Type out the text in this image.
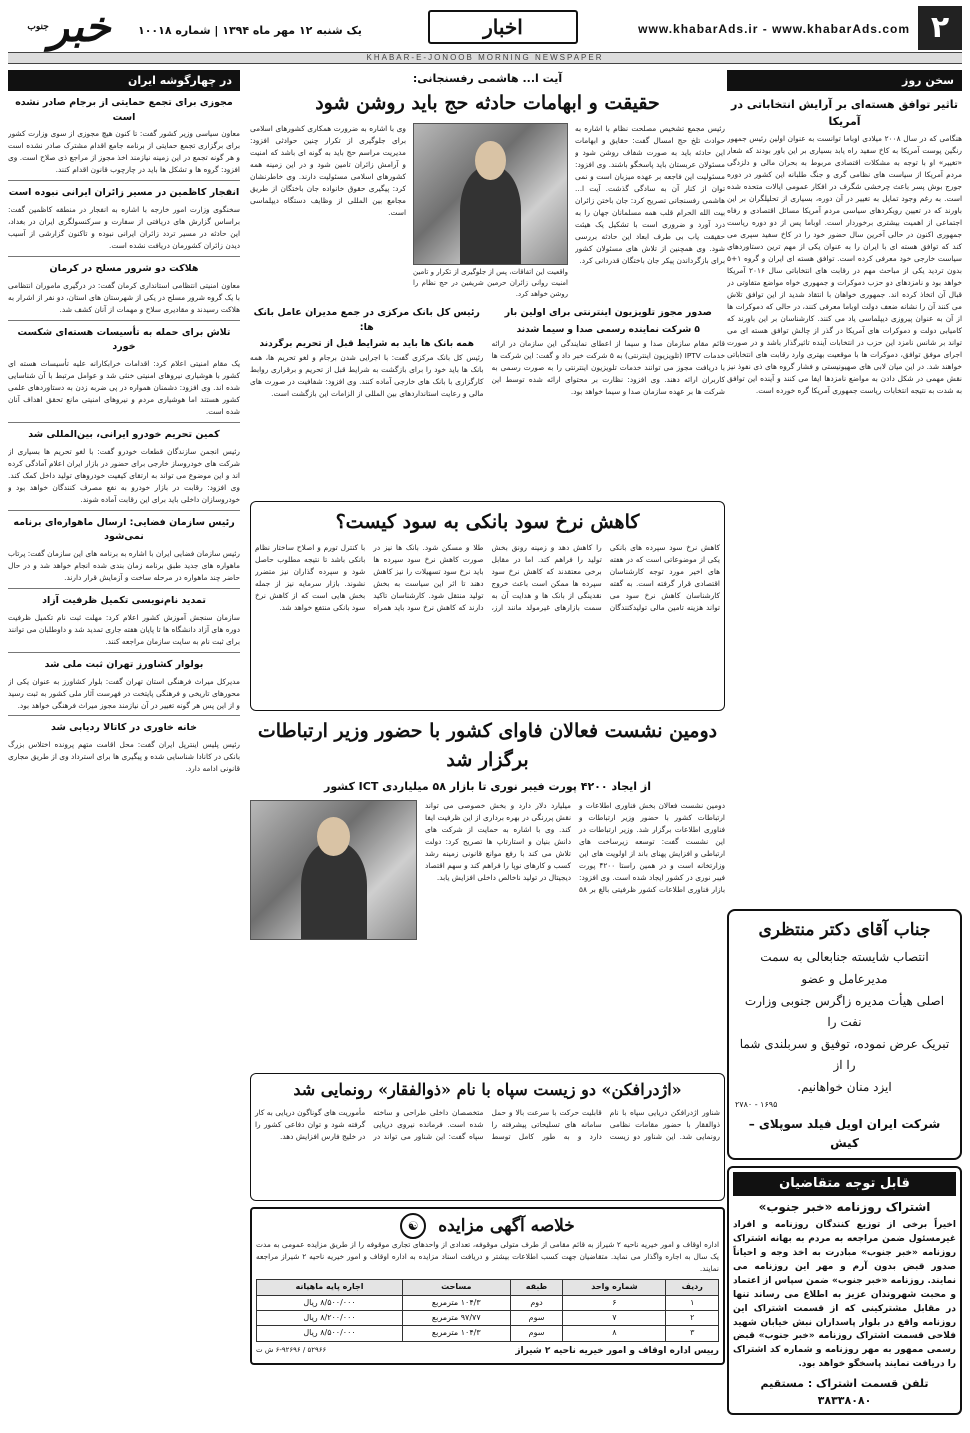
۲
www.khabarAds.ir - www.khabarAds.com
اخبار
یک شنبه ۱۲ مهر ماه ۱۳۹۴ | شماره ۱۰۰۱۸
خبر$^{جنوب}$
KHABAR-E-JONOOB MORNING NEWSPAPER
سخن روز
تاثیر توافق هسته‌ای بر آرایش انتخاباتی در آمریکا
هنگامی که در سال ۲۰۰۸ میلادی اوباما توانست به عنوان اولین رئیس جمهور رنگین پوست آمریکا به کاخ سفید راه یابد بسیاری بر این باور بودند که شعار «تغییر» او با توجه به مشکلات اقتصادی مربوط به بحران مالی و دلزدگی مردم آمریکا از سیاست های نظامی گری و جنگ طلبانه این کشور در دوره جورج بوش پسر باعث چرخشی شگرف در افکار عمومی ایالات متحده شده است. به رغم وجود تمایل به تغییر در آن دوره، بسیاری از تحلیلگران بر این باورند که در تعیین رویکردهای سیاسی مردم آمریکا مسائل اقتصادی و رفاه اجتماعی از اهمیت بیشتری برخوردار است. اوباما پس از دو دوره ریاست جمهوری اکنون در حالی آخرین سال حضور خود را در کاخ سفید سپری می کند که توافق هسته ای با ایران را به عنوان یکی از مهم ترین دستاوردهای سیاست خارجی خود معرفی کرده است. توافق هسته ای ایران و گروه ۱+۵ بدون تردید یکی از مباحث مهم در رقابت های انتخاباتی سال ۲۰۱۶ آمریکا خواهد بود و نامزدهای دو حزب دموکرات و جمهوری خواه مواضع متفاوتی در قبال آن اتخاذ کرده اند. جمهوری خواهان با انتقاد شدید از این توافق تلاش می کنند آن را نشانه ضعف دولت اوباما معرفی کنند، در حالی که دموکرات ها از آن به عنوان پیروزی دیپلماسی یاد می کنند. کارشناسان بر این باورند که کامیابی دولت و دموکرات های آمریکا در گذر از چالش توافق هسته ای می تواند بر شانس نامزد این حزب در انتخابات آینده تاثیرگذار باشد و در صورت اجرای موفق توافق، دموکرات ها با موقعیت بهتری وارد رقابت های انتخاباتی خواهند شد. در این میان لابی های صهیونیستی و فشار گروه های ذی نفوذ نیز نقش مهمی در شکل دادن به مواضع نامزدها ایفا می کنند و آینده این توافق به شدت به نتیجه انتخابات ریاست جمهوری آمریکا گره خورده است.
جناب آقای دکتر منتظری
انتصاب شایسته جنابعالی به سمت مدیرعامل و عضو
اصلی هیأت مدیره زاگرس جنوبی وزارت نفت را
تبریک عرض نموده، توفیق و سربلندی شما را از
ایزد منان خواهانیم.
۱۶۹۵ - ۲۷۸۰
شرکت ایران اویل فیلد سوپلای – کیش
قابل توجه متقاضیان
اشتراک روزنامه «خبر جنوب»
اخیراً برخی از توزیع کنندگان روزنامه و افراد غیرمسئول ضمن مراجعه به مردم به بهانه اشتراک روزنامه «خبر جنوب» مبادرت به اخذ وجه و احیاناً صدور قبض بدون آرم و مهر این روزنامه می نمایند. روزنامه «خبر جنوب» ضمن سپاس از اعتماد و محبت شهروندان عزیز به اطلاع می رساند تنها در مقابل مشترکینی که از قسمت اشتراک این روزنامه واقع در بلوار پاسداران نبش خیابان شهید فلاحی قسمت اشتراک روزنامه «خبر جنوب» قبض رسمی ممهور به مهر روزنامه و شماره کد اشتراک را دریافت نمایند پاسخگو خواهد بود.
تلفن قسمت اشتراک : مستقیم ۳۸۳۳۸۰۸۰
در چهارگوشه ایران
مجوزی برای تجمع حمایتی از برجام صادر نشده است
معاون سیاسی وزیر کشور گفت: تا کنون هیچ مجوزی از سوی وزارت کشور برای برگزاری تجمع حمایتی از برنامه جامع اقدام مشترک صادر نشده است و هر گونه تجمع در این زمینه نیازمند اخذ مجوز از مراجع ذی صلاح است. وی افزود: گروه ها و تشکل ها باید در چارچوب قانون اقدام کنند.
انفجار کاظمین در مسیر زائران ایرانی نبوده است
سخنگوی وزارت امور خارجه با اشاره به انفجار در منطقه کاظمین گفت: براساس گزارش های دریافتی از سفارت و سرکنسولگری ایران در بغداد، این حادثه در مسیر تردد زائران ایرانی نبوده و تاکنون گزارشی از آسیب دیدن زائران کشورمان دریافت نشده است.
هلاکت دو شرور مسلح در کرمان
معاون امنیتی انتظامی استانداری کرمان گفت: در درگیری ماموران انتظامی با یک گروه شرور مسلح در یکی از شهرستان های استان، دو نفر از اشرار به هلاکت رسیدند و مقادیری سلاح و مهمات از آنان کشف شد.
تلاش برای حمله به تأسیسات هسته‌ای شکست خورد
یک مقام امنیتی اعلام کرد: اقدامات خرابکارانه علیه تأسیسات هسته ای کشور با هوشیاری نیروهای امنیتی خنثی شد و عوامل مرتبط با آن شناسایی شده اند. وی افزود: دشمنان همواره در پی ضربه زدن به دستاوردهای علمی کشور هستند اما هوشیاری مردم و نیروهای امنیتی مانع تحقق اهداف آنان شده است.
کمین تحریم خودرو ایرانی، بین‌المللی شد
رئیس انجمن سازندگان قطعات خودرو گفت: با لغو تحریم ها بسیاری از شرکت های خودروساز خارجی برای حضور در بازار ایران اعلام آمادگی کرده اند و این موضوع می تواند به ارتقای کیفیت خودروهای تولید داخل کمک کند. وی افزود: رقابت در بازار خودرو به نفع مصرف کنندگان خواهد بود و خودروسازان داخلی باید برای این رقابت آماده شوند.
رئیس سازمان فضایی: ارسال ماهواره‌ای برنامه نمی‌شود
رئیس سازمان فضایی ایران با اشاره به برنامه های این سازمان گفت: پرتاب ماهواره های جدید طبق برنامه زمان بندی شده انجام خواهد شد و در حال حاضر چند ماهواره در مرحله ساخت و آزمایش قرار دارند.
تمدید نام‌نویسی تکمیل ظرفیت آزاد
سازمان سنجش آموزش کشور اعلام کرد: مهلت ثبت نام تکمیل ظرفیت دوره های آزاد دانشگاه ها تا پایان هفته جاری تمدید شد و داوطلبان می توانند برای ثبت نام به سایت سازمان مراجعه کنند.
بولوار کشاورز تهران ثبت ملی شد
مدیرکل میراث فرهنگی استان تهران گفت: بلوار کشاورز به عنوان یکی از محورهای تاریخی و فرهنگی پایتخت در فهرست آثار ملی کشور به ثبت رسید و از این پس هر گونه تغییر در آن نیازمند مجوز میراث فرهنگی خواهد بود.
خانه خاوری در کاتالا ردیابی شد
رئیس پلیس اینترپل ایران گفت: محل اقامت متهم پرونده اختلاس بزرگ بانکی در کانادا شناسایی شده و پیگیری ها برای استرداد وی از طریق مجاری قانونی ادامه دارد.
آیت ا... هاشمی رفسنجانی:
حقیقت و ابهامات حادثه حج باید روشن شود
رئیس مجمع تشخیص مصلحت نظام با اشاره به حوادث تلخ حج امسال گفت: حقایق و ابهامات این حادثه باید به صورت شفاف روشن شود و مسئولان عربستان باید پاسخگو باشند. وی افزود: مسئولیت این فاجعه بر عهده میزبان است و نمی توان از کنار آن به سادگی گذشت. آیت ا... هاشمی رفسنجانی تصریح کرد: جان باختن زائران بیت الله الحرام قلب همه مسلمانان جهان را به درد آورد و ضروری است با تشکیل یک هیئت حقیقت یاب بی طرف ابعاد این حادثه بررسی شود. وی همچنین از تلاش های مسئولان کشور برای بازگرداندن پیکر جان باختگان قدردانی کرد.
واقعیت این اتفاقات، پس از جلوگیری از تکرار و تامین امنیت روانی زائران حرمین شریفین در حج نظام را روشن خواهد کرد.
وی با اشاره به ضرورت همکاری کشورهای اسلامی برای جلوگیری از تکرار چنین حوادثی افزود: مدیریت مراسم حج باید به گونه ای باشد که امنیت و آرامش زائران تامین شود و در این زمینه همه کشورهای اسلامی مسئولیت دارند. وی خاطرنشان کرد: پیگیری حقوق خانواده جان باختگان از طریق مجامع بین المللی از وظایف دستگاه دیپلماسی است.
صدور مجوز تلویزیون اینترنتی برای اولین بار
۵ شرکت نماینده رسمی صدا و سیما شدند
قائم مقام سازمان صدا و سیما از اعطای نمایندگی این سازمان در ارائه خدمات IPTV (تلویزیون اینترنتی) به ۵ شرکت خبر داد و گفت: این شرکت ها با دریافت مجوز می توانند خدمات تلویزیون اینترنتی را به صورت رسمی به کاربران ارائه دهند. وی افزود: نظارت بر محتوای ارائه شده توسط این شرکت ها بر عهده سازمان صدا و سیما خواهد بود.
رئیس کل بانک مرکزی در جمع مدیران عامل بانک ها:
همه بانک ها باید به شرایط قبل از تحریم برگردند
رئیس کل بانک مرکزی گفت: با اجرایی شدن برجام و لغو تحریم ها، همه بانک ها باید خود را برای بازگشت به شرایط قبل از تحریم و برقراری روابط کارگزاری با بانک های خارجی آماده کنند. وی افزود: شفافیت در صورت های مالی و رعایت استانداردهای بین المللی از الزامات این بازگشت است.
کاهش نرخ سود بانکی به سود کیست؟
کاهش نرخ سود سپرده های بانکی یکی از موضوعاتی است که در هفته های اخیر مورد توجه کارشناسان اقتصادی قرار گرفته است. به گفته کارشناسان کاهش نرخ سود می تواند هزینه تامین مالی تولیدکنندگان را کاهش دهد و زمینه رونق بخش تولید را فراهم کند. اما در مقابل برخی معتقدند که کاهش نرخ سود سپرده ها ممکن است باعث خروج نقدینگی از بانک ها و هدایت آن به سمت بازارهای غیرمولد مانند ارز، طلا و مسکن شود. بانک ها نیز در صورت کاهش نرخ سود سپرده ها باید نرخ سود تسهیلات را نیز کاهش دهند تا اثر این سیاست به بخش تولید منتقل شود. کارشناسان تاکید دارند که کاهش نرخ سود باید همراه با کنترل تورم و اصلاح ساختار نظام بانکی باشد تا نتیجه مطلوب حاصل شود و سپرده گذاران نیز متضرر نشوند. بازار سرمایه نیز از جمله بخش هایی است که از کاهش نرخ سود بانکی منتفع خواهد شد.
دومین نشست فعالان فاوای کشور با حضور وزیر ارتباطات برگزار شد
از ایجاد ۴۲۰۰ پورت فیبر نوری تا بازار ۵۸ میلیاردی ICT کشور
دومین نشست فعالان بخش فناوری اطلاعات و ارتباطات کشور با حضور وزیر ارتباطات و فناوری اطلاعات برگزار شد. وزیر ارتباطات در این نشست گفت: توسعه زیرساخت های ارتباطی و افزایش پهنای باند از اولویت های این وزارتخانه است و در همین راستا ۴۲۰۰ پورت فیبر نوری در کشور ایجاد شده است. وی افزود: بازار فناوری اطلاعات کشور ظرفیتی بالغ بر ۵۸ میلیارد دلار دارد و بخش خصوصی می تواند نقش پررنگی در بهره برداری از این ظرفیت ایفا کند. وی با اشاره به حمایت از شرکت های دانش بنیان و استارتاپ ها تصریح کرد: دولت تلاش می کند با رفع موانع قانونی زمینه رشد کسب و کارهای نوپا را فراهم کند و سهم اقتصاد دیجیتال در تولید ناخالص داخلی افزایش یابد.
«اژدرافکن» دو زیست سپاه با نام «ذوالفقار» رونمایی شد
شناور اژدرافکن دریایی سپاه با نام ذوالفقار با حضور مقامات نظامی رونمایی شد. این شناور دو زیست قابلیت حرکت با سرعت بالا و حمل سامانه های تسلیحاتی پیشرفته را دارد و به طور کامل توسط متخصصان داخلی طراحی و ساخته شده است. فرمانده نیروی دریایی سپاه گفت: این شناور می تواند در مأموریت های گوناگون دریایی به کار گرفته شود و توان دفاعی کشور را در خلیج فارس افزایش دهد.
خلاصه آگهی مزایده
☯
اداره اوقاف و امور خیریه ناحیه ۲ شیراز به قائم مقامی از طرف متولی موقوفه، تعدادی از واحدهای تجاری موقوفه را از طریق مزایده عمومی به مدت یک سال به اجاره واگذار می نماید. متقاضیان جهت کسب اطلاعات بیشتر و دریافت اسناد مزایده به اداره اوقاف و امور خیریه ناحیه ۲ شیراز مراجعه نمایند.
ردیف	شماره واحد	طبقه	مساحت	اجاره پایه ماهیانه
۱	۶	دوم	۱۰۴/۳ مترمربع	۸/۵۰۰/۰۰۰ ریال
۲	۷	سوم	۹۷/۷۷ مترمربع	۸/۲۰۰/۰۰۰ ریال
۳	۸	سوم	۱۰۴/۳ مترمربع	۸/۵۰۰/۰۰۰ ریال
رییس اداره اوقاف و امور خیریه ناحیه ۲ شیراز
۵۲۹۶۶ / ۶-۹۲۶۹۶ ش ت
